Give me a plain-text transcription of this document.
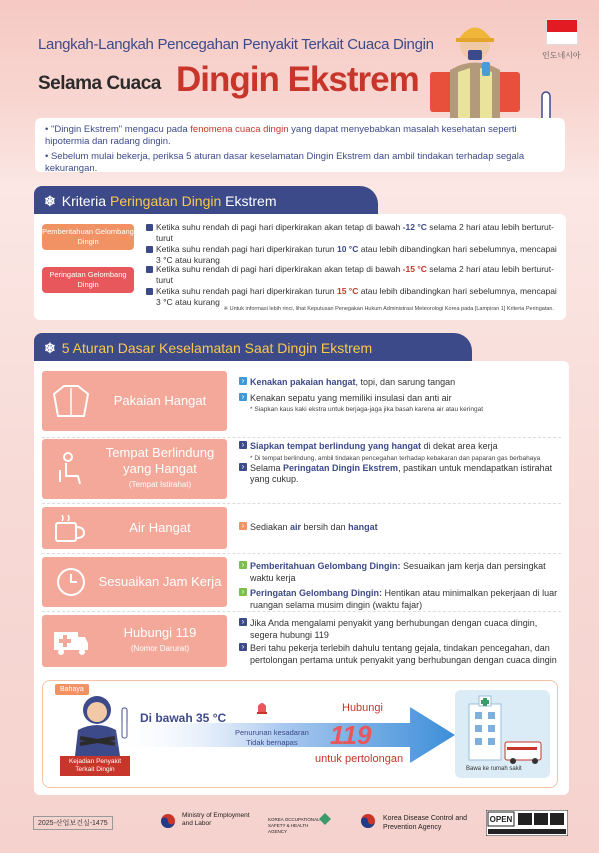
Langkah-Langkah Pencegahan Penyakit Terkait Cuaca Dingin
Selama Cuaca Dingin Ekstrem
인도네시아

• "Dingin Ekstrem" mengacu pada fenomena cuaca dingin yang dapat menyebabkan masalah kesehatan seperti hipotermia dan radang dingin.

• Sebelum mulai bekerja, periksa 5 aturan dasar keselamatan Dingin Ekstrem dan ambil tindakan terhadap segala kekurangan.

❄ Kriteria Peringatan Dingin Ekstrem
Pemberitahuan Gelombang Dingin
Ketika suhu rendah di pagi hari diperkirakan akan tetap di bawah -12 °C selama 2 hari atau lebih berturut-turut
Ketika suhu rendah pagi hari diperkirakan turun 10 °C atau lebih dibandingkan hari sebelumnya, mencapai 3 °C atau kurang
Peringatan Gelombang Dingin
Ketika suhu rendah di pagi hari diperkirakan akan tetap di bawah -15 °C selama 2 hari atau lebih berturut-turut
Ketika suhu rendah pagi hari diperkirakan turun 15 °C atau lebih dibandingkan hari sebelumnya, mencapai 3 °C atau kurang
※ Untuk informasi lebih rinci, lihat Keputusan Penegakan Hukum Administrasi Meteorologi Korea pada [Lampiran 1] Kriteria Peringatan.
❄ 5 Aturan Dasar Keselamatan Saat Dingin Ekstrem
Pakaian Hangat
› Kenakan pakaian hangat, topi, dan sarung tangan
› Kenakan sepatu yang memiliki insulasi dan anti air
* Siapkan kaus kaki ekstra untuk berjaga-jaga jika basah karena air atau keringat
Tempat Berlindung yang Hangat
(Tempat Istirahat)
› Siapkan tempat berlindung yang hangat di dekat area kerja
* Di tempat berlindung, ambil tindakan pencegahan terhadap kebakaran dan paparan gas berbahaya
› Selama Peringatan Dingin Ekstrem, pastikan untuk mendapatkan istirahat yang cukup.
Air Hangat
›	Sediakan air bersih dan hangat
Sesuaikan Jam Kerja
› Pemberitahuan Gelombang Dingin: Sesuaikan jam kerja dan persingkat waktu kerja
› Peringatan Gelombang Dingin: Hentikan atau minimalkan pekerjaan di luar ruangan selama musim dingin (waktu fajar)
Hubungi 119
(Nomor Darurat)
› Jika Anda mengalami penyakit yang berhubungan dengan cuaca dingin, segera hubungi 119
› Beri tahu pekerja terlebih dahulu tentang gejala, tindakan pencegahan, dan pertolongan pertama untuk penyakit yang berhubungan dengan cuaca dingin
Bahaya
Kejadian Penyakit Terkait Dingin
Di bawah 35 °C
Penurunan kesadaran
Tidak bernapas
Hubungi
119
untuk pertolongan
Bawa ke rumah sakit
2025-산업보건실-1475
Ministry of Employment and Labor
KOREA OCCUPATIONAL SAFETY & HEALTH AGENCY
Korea Disease Control and Prevention Agency
OPEN
